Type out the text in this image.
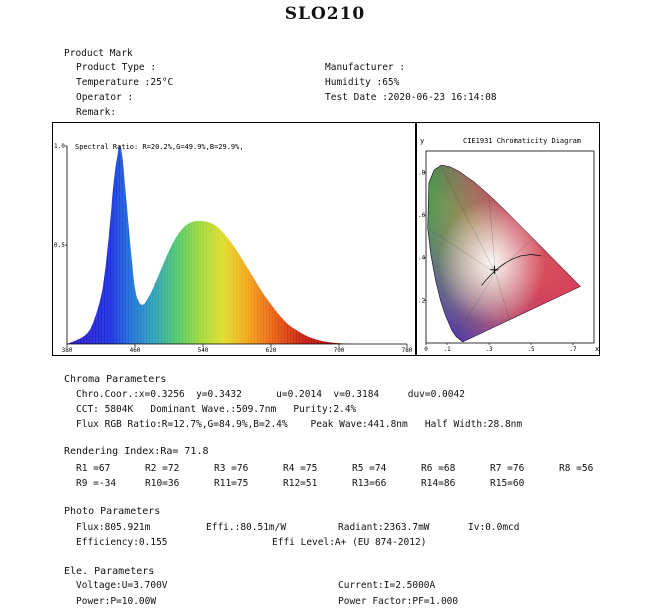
SLO210
Product Mark
Product Type :
Temperature :25°C
Operator :
Remark:
Manufacturer :
Humidity :65%
Test Date :2020-06-23 16:14:08
Spectral Ratio: R=20.2%,G=49.9%,B=29.9%,
380	460	540	620	700	780
0.5
1.0
y
x
CIE1931 Chromaticity Diagram
0	.1	.3	.5	.7
.2
.4
.6
.8
Chroma Parameters
Chro.Coor.:x=0.3256  y=0.3432      u=0.2014  v=0.3184     duv=0.0042
CCT: 5804K   Dominant Wave.:509.7nm   Purity:2.4%
Flux RGB Ratio:R=12.7%,G=84.9%,B=2.4%    Peak Wave:441.8nm   Half Width:28.8nm
Rendering Index:Ra= 71.8
R1 =67	R2 =72	R3 =76	R4 =75	R5 =74	R6 =68	R7 =76	R8 =56
R9 =-34	R10=36	R11=75	R12=51	R13=66	R14=86	R15=60
Photo Parameters
Flux:805.921m	Effi.:80.51m/W	Radiant:2363.7mW	Iv:0.0mcd
Efficiency:0.155	Effi Level:A+ (EU 874-2012)
Ele. Parameters
Voltage:U=3.700V	Current:I=2.5000A
Power:P=10.00W	Power Factor:PF=1.000
